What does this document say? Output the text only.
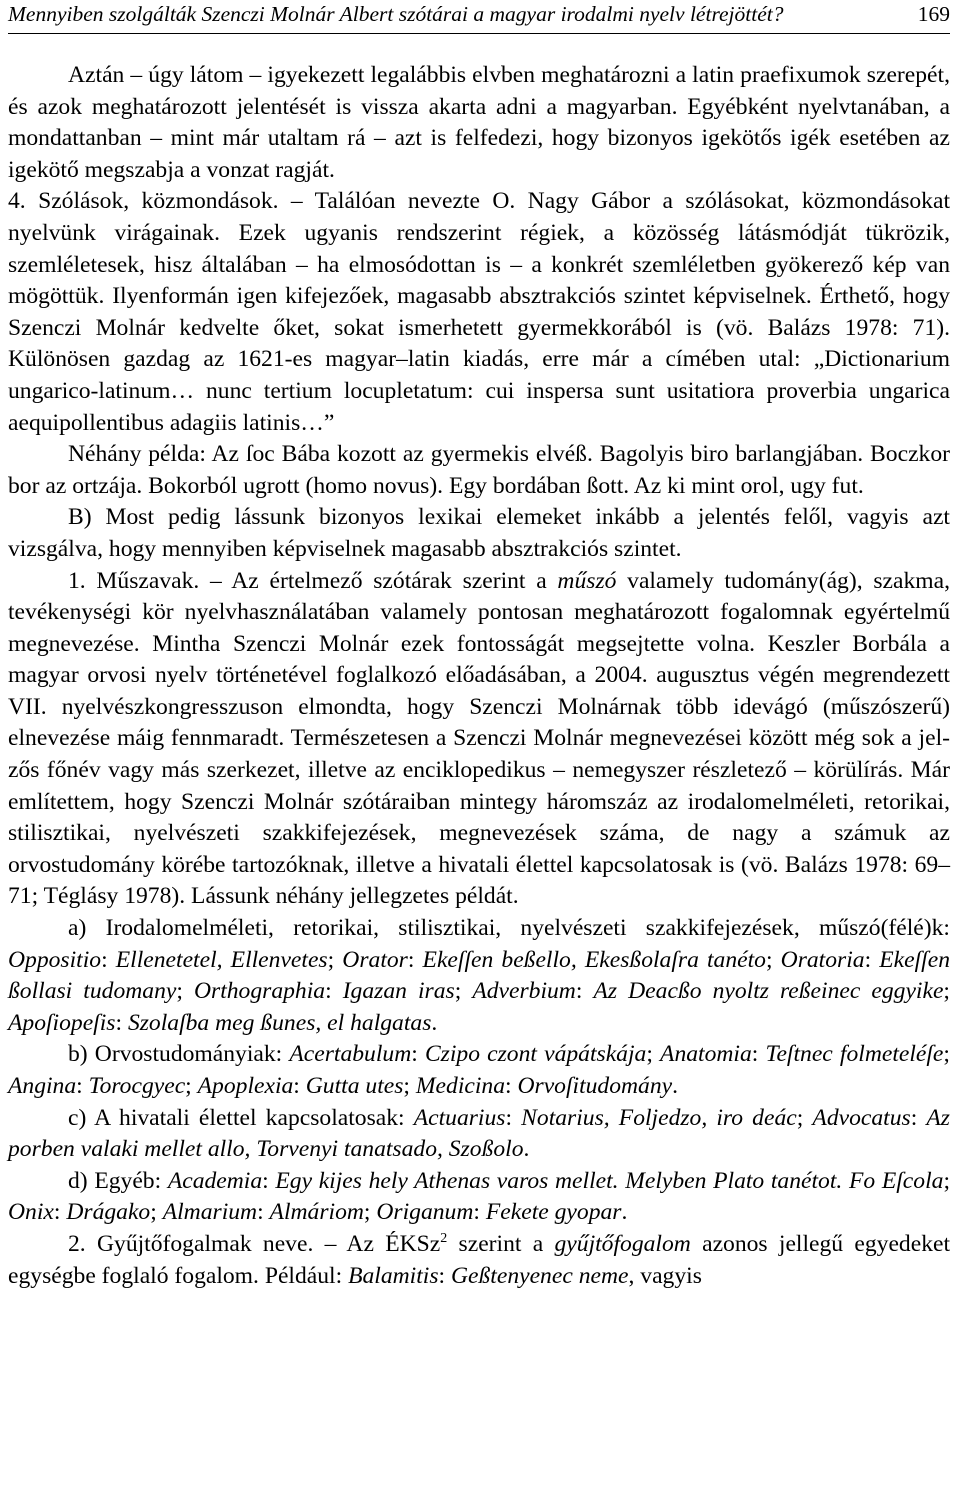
Mennyiben szolgálták Szenczi Molnár Albert szótárai a magyar irodalmi nyelv létrejöttét?	169

Aztán – úgy látom – igyekezett legalábbis elvben meghatározni a latin praefixumok szerepét, és azok meghatározott jelentését is vissza akarta adni a magyarban. Egyébként nyelvtanában, a mondattanban – mint már utaltam rá – azt is felfedezi, hogy bizonyos igekötős igék esetében az igekötő megszabja a vonzat ragját.

4. Szólások, közmondások. – Találóan nevezte O. Nagy Gábor a szólásokat, közmondásokat nyelvünk virágainak. Ezek ugyanis rendszerint régiek, a közösség látásmódját tükrözik, szemléletesek, hisz általában – ha elmosódottan is – a konkrét szemléletben gyökerező kép van mögöttük. Ilyenformán igen kifejezőek, magasabb absztrakciós szintet képviselnek. Érthető, hogy Szenczi Molnár kedvelte őket, sokat ismerhetett gyermekkorából is (vö. Balázs 1978: 71). Különösen gazdag az 1621-es magyar–latin kiadás, erre már a címében utal: „Dictionarium ungarico-latinum… nunc tertium locupletatum: cui inspersa sunt usitatiora proverbia ungarica aequipollentibus adagiis latinis…”

Néhány példa: Az ſoc Bába kozott az gyermekis elvéß. Bagolyis biro barlangjában. Boczkor bor az ortzája. Bokorból ugrott (homo novus). Egy bordában ßott. Az ki mint orol, ugy fut.

B) Most pedig lássunk bizonyos lexikai elemeket inkább a jelentés felől, vagyis azt vizsgálva, hogy mennyiben képviselnek magasabb absztrakciós szintet.

1. Műszavak. – Az értelmező szótárak szerint a műszó valamely tudomány(ág), szakma, tevékenységi kör nyelvhasználatában valamely pontosan meghatározott fogalomnak egyértelmű megnevezése. Mintha Szenczi Molnár ezek fontosságát megsejtette volna. Keszler Borbála a magyar orvosi nyelv történetével foglalkozó előadásában, a 2004. augusztus végén megrendezett VII. nyelvészkongresszuson elmondta, hogy Szenczi Molnárnak több idevágó (műszószerű) elnevezése máig fennmaradt. Természetesen a Szenczi Molnár megnevezései között még sok a jelzős főnév vagy más szerkezet, illetve az enciklopedikus – nemegyszer részletező – körülírás. Már említettem, hogy Szenczi Molnár szótáraiban mintegy háromszáz az irodalomelméleti, retorikai, stilisztikai, nyelvészeti szakkifejezések, megnevezések száma, de nagy a számuk az orvostudomány körébe tartozóknak, illetve a hivatali élettel kapcsolatosak is (vö. Balázs 1978: 69–71; Téglásy 1978). Lássunk néhány jellegzetes példát.

a) Irodalomelméleti, retorikai, stilisztikai, nyelvészeti szakkifejezések, műszó(félé)k: Oppositio: Ellenetetel, Ellenvetes; Orator: Ekeſſen beßello, Ekesßolaſra tanéto; Oratoria: Ekeſſen ßollasi tudomany; Orthographia: Igazan iras; Adverbium: Az Deacßo nyoltz reßeinec eggyike; Apoſiopeſis: Szolaſba meg ßunes, el halgatas.

b) Orvostudományiak: Acertabulum: Czipo czont vápátskája; Anatomia: Teſtnec folmeteléſe; Angina: Torocgyec; Apoplexia: Gutta utes; Medicina: Orvoſitudomány.

c) A hivatali élettel kapcsolatosak: Actuarius: Notarius, Foljedzo, iro deác; Advocatus: Az porben valaki mellet allo, Torvenyi tanatsado, Szoßolo.

d) Egyéb: Academia: Egy kijes hely Athenas varos mellet. Melyben Plato tanétot. Fo Eſcola; Onix: Drágako; Almarium: Almáriom; Origanum: Fekete gyopar.

2. Gyűjtőfogalmak neve. – Az ÉKSz$^2$ szerint a gyűjtőfogalom azonos jellegű egyedeket egységbe foglaló fogalom. Például: Balamitis: Geßtenyenec neme, vagyis
